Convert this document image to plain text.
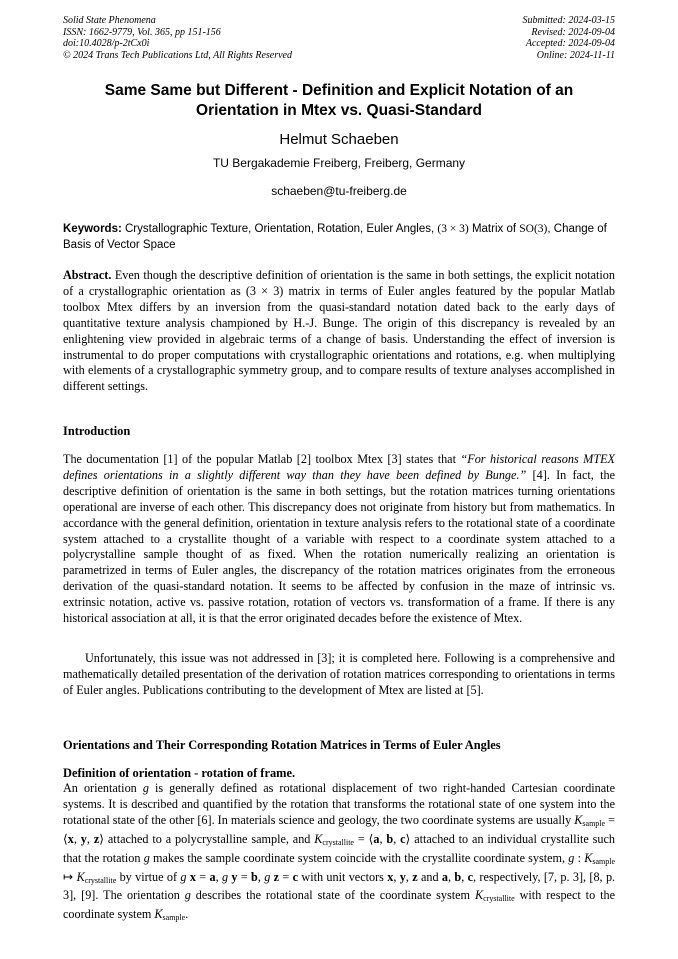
Solid State Phenomena
ISSN: 1662-9779, Vol. 365, pp 151-156
doi:10.4028/p-2tCx0i
© 2024 Trans Tech Publications Ltd, All Rights Reserved
Submitted: 2024-03-15
Revised: 2024-09-04
Accepted: 2024-09-04
Online: 2024-11-11
Same Same but Different - Definition and Explicit Notation of an
Orientation in Mtex vs. Quasi-Standard
Helmut Schaeben
TU Bergakademie Freiberg, Freiberg, Germany
schaeben@tu-freiberg.de
Keywords: Crystallographic Texture, Orientation, Rotation, Euler Angles, (3 × 3) Matrix of SO(3), Change of Basis of Vector Space
Abstract. Even though the descriptive definition of orientation is the same in both settings, the explicit notation of a crystallographic orientation as (3 × 3) matrix in terms of Euler angles featured by the popular Matlab toolbox Mtex differs by an inversion from the quasi-standard notation dated back to the early days of quantitative texture analysis championed by H.-J. Bunge. The origin of this discrepancy is revealed by an enlightening view provided in algebraic terms of a change of basis. Understanding the effect of inversion is instrumental to do proper computations with crystallographic orientations and rotations, e.g. when multiplying with elements of a crystallographic symmetry group, and to compare results of texture analyses accomplished in different settings.
Introduction
The documentation [1] of the popular Matlab [2] toolbox Mtex [3] states that “For historical reasons MTEX defines orientations in a slightly different way than they have been defined by Bunge.” [4]. In fact, the descriptive definition of orientation is the same in both settings, but the rotation matrices turning orientations operational are inverse of each other. This discrepancy does not originate from history but from mathematics. In accordance with the general definition, orientation in texture analysis refers to the rotational state of a coordinate system attached to a crystallite thought of a variable with respect to a coordinate system attached to a polycrystalline sample thought of as fixed. When the rotation numerically realizing an orientation is parametrized in terms of Euler angles, the discrepancy of the rotation matrices originates from the erroneous derivation of the quasi-standard notation. It seems to be affected by confusion in the maze of intrinsic vs. extrinsic notation, active vs. passive rotation, rotation of vectors vs. transformation of a frame. If there is any historical association at all, it is that the error originated decades before the existence of Mtex.
Unfortunately, this issue was not addressed in [3]; it is completed here. Following is a comprehensive and mathematically detailed presentation of the derivation of rotation matrices corresponding to orientations in terms of Euler angles. Publications contributing to the development of Mtex are listed at [5].
Orientations and Their Corresponding Rotation Matrices in Terms of Euler Angles
Definition of orientation - rotation of frame.
An orientation g is generally defined as rotational displacement of two right-handed Cartesian coordinate systems. It is described and quantified by the rotation that transforms the rotational state of one system into the rotational state of the other [6]. In materials science and geology, the two coordinate systems are usually $K_{sample}$ = ⟨x, y, z⟩ attached to a polycrystalline sample, and $K_{crystallite}$ = ⟨a, b, c⟩ attached to an individual crystallite such that the rotation g makes the sample coordinate system coincide with the crystallite coordinate system, g : $K_{sample}$ ↦ $K_{crystallite}$ by virtue of g x = a, g y = b, g z = c with unit vectors x, y, z and a, b, c, respectively, [7, p. 3], [8, p. 3], [9]. The orientation g describes the rotational state of the coordinate system $K_{crystallite}$ with respect to the coordinate system $K_{sample}$.
